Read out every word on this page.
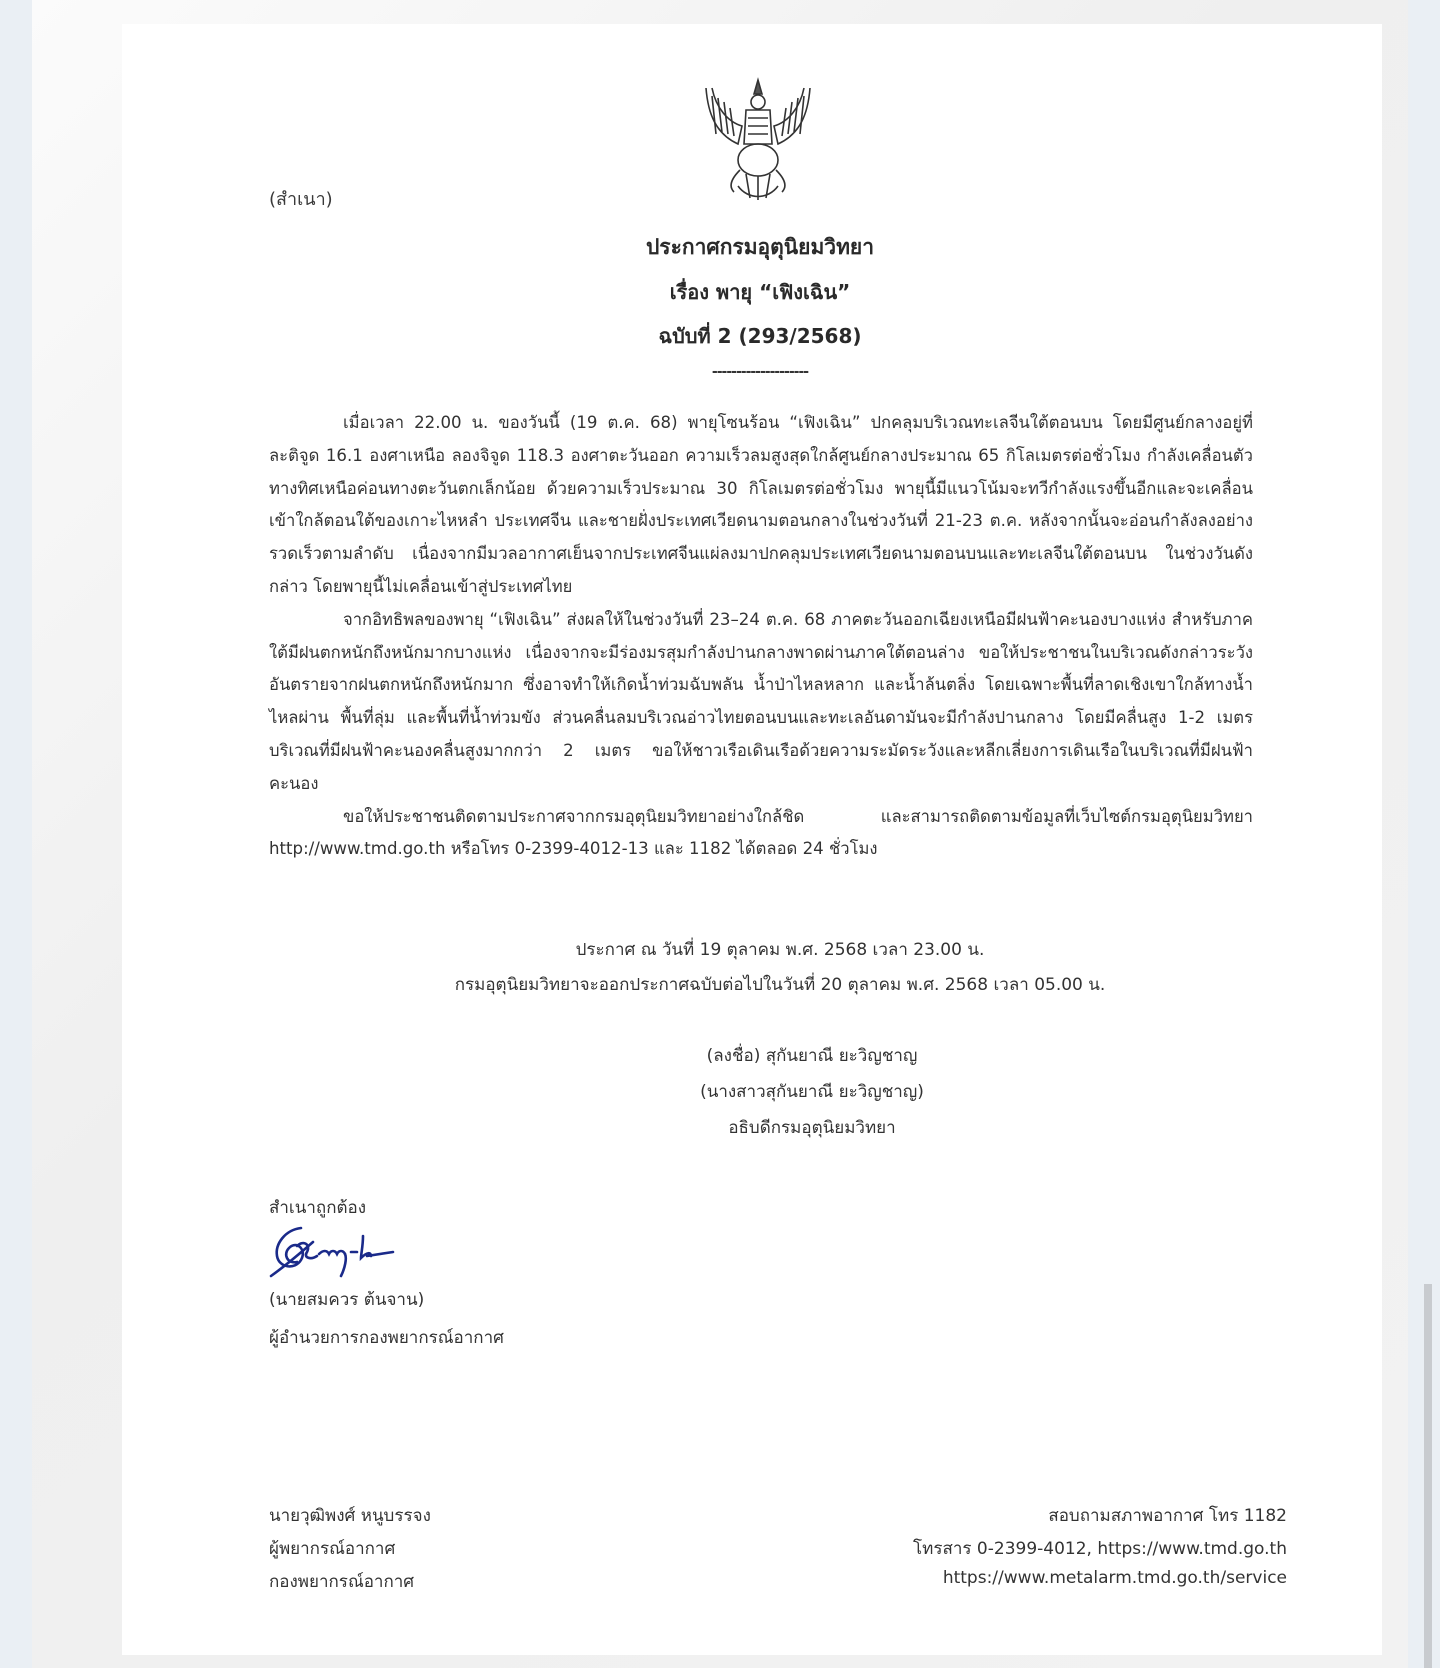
(สำเนา)
ประกาศกรมอุตุนิยมวิทยา
เรื่อง พายุ “เฟิงเฉิน”
ฉบับที่ 2 (293/2568)
--------------------

เมื่อเวลา 22.00 น. ของวันนี้ (19 ต.ค. 68) พายุโซนร้อน “เฟิงเฉิน” ปกคลุมบริเวณทะเลจีนใต้ตอนบน โดยมีศูนย์กลางอยู่ที่ละติจูด 16.1 องศาเหนือ ลองจิจูด 118.3 องศาตะวันออก ความเร็วลมสูงสุดใกล้ศูนย์กลางประมาณ 65 กิโลเมตรต่อชั่วโมง กำลังเคลื่อนตัวทางทิศเหนือค่อนทางตะวันตกเล็กน้อย ด้วยความเร็วประมาณ 30 กิโลเมตรต่อชั่วโมง พายุนี้มีแนวโน้มจะทวีกำลังแรงขึ้นอีกและจะเคลื่อนเข้าใกล้ตอนใต้ของเกาะไหหลำ ประเทศจีน และชายฝั่งประเทศเวียดนามตอนกลางในช่วงวันที่ 21-23 ต.ค. หลังจากนั้นจะอ่อนกำลังลงอย่างรวดเร็วตามลำดับ เนื่องจากมีมวลอากาศเย็นจากประเทศจีนแผ่ลงมาปกคลุมประเทศเวียดนามตอนบนและทะเลจีนใต้ตอนบน ในช่วงวันดังกล่าว โดยพายุนี้ไม่เคลื่อนเข้าสู่ประเทศไทย

จากอิทธิพลของพายุ “เฟิงเฉิน” ส่งผลให้ในช่วงวันที่ 23–24 ต.ค. 68 ภาคตะวันออกเฉียงเหนือมีฝนฟ้าคะนองบางแห่ง สำหรับภาคใต้มีฝนตกหนักถึงหนักมากบางแห่ง เนื่องจากจะมีร่องมรสุมกำลังปานกลางพาดผ่านภาคใต้ตอนล่าง ขอให้ประชาชนในบริเวณดังกล่าวระวังอันตรายจากฝนตกหนักถึงหนักมาก ซึ่งอาจทำให้เกิดน้ำท่วมฉับพลัน น้ำป่าไหลหลาก และน้ำล้นตลิ่ง โดยเฉพาะพื้นที่ลาดเชิงเขาใกล้ทางน้ำไหลผ่าน พื้นที่ลุ่ม และพื้นที่น้ำท่วมขัง ส่วนคลื่นลมบริเวณอ่าวไทยตอนบนและทะเลอันดามันจะมีกำลังปานกลาง โดยมีคลื่นสูง 1-2 เมตร บริเวณที่มีฝนฟ้าคะนองคลื่นสูงมากกว่า 2 เมตร ขอให้ชาวเรือเดินเรือด้วยความระมัดระวังและหลีกเลี่ยงการเดินเรือในบริเวณที่มีฝนฟ้าคะนอง

ขอให้ประชาชนติดตามประกาศจากกรมอุตุนิยมวิทยาอย่างใกล้ชิด และสามารถติดตามข้อมูลที่เว็บไซต์กรมอุตุนิยมวิทยา http://www.tmd.go.th หรือโทร 0-2399-4012-13 และ 1182 ได้ตลอด 24 ชั่วโมง

ประกาศ ณ วันที่ 19 ตุลาคม พ.ศ. 2568 เวลา 23.00 น.
กรมอุตุนิยมวิทยาจะออกประกาศฉบับต่อไปในวันที่ 20 ตุลาคม พ.ศ. 2568 เวลา 05.00 น.
(ลงชื่อ) สุกันยาณี ยะวิญชาญ
(นางสาวสุกันยาณี ยะวิญชาญ)
อธิบดีกรมอุตุนิยมวิทยา
สำเนาถูกต้อง
(นายสมควร ต้นจาน)
ผู้อำนวยการกองพยากรณ์อากาศ
นายวุฒิพงศ์ หนูบรรจง
ผู้พยากรณ์อากาศ
กองพยากรณ์อากาศ
สอบถามสภาพอากาศ โทร 1182
โทรสาร 0-2399-4012, https://www.tmd.go.th
https://www.metalarm.tmd.go.th/service
